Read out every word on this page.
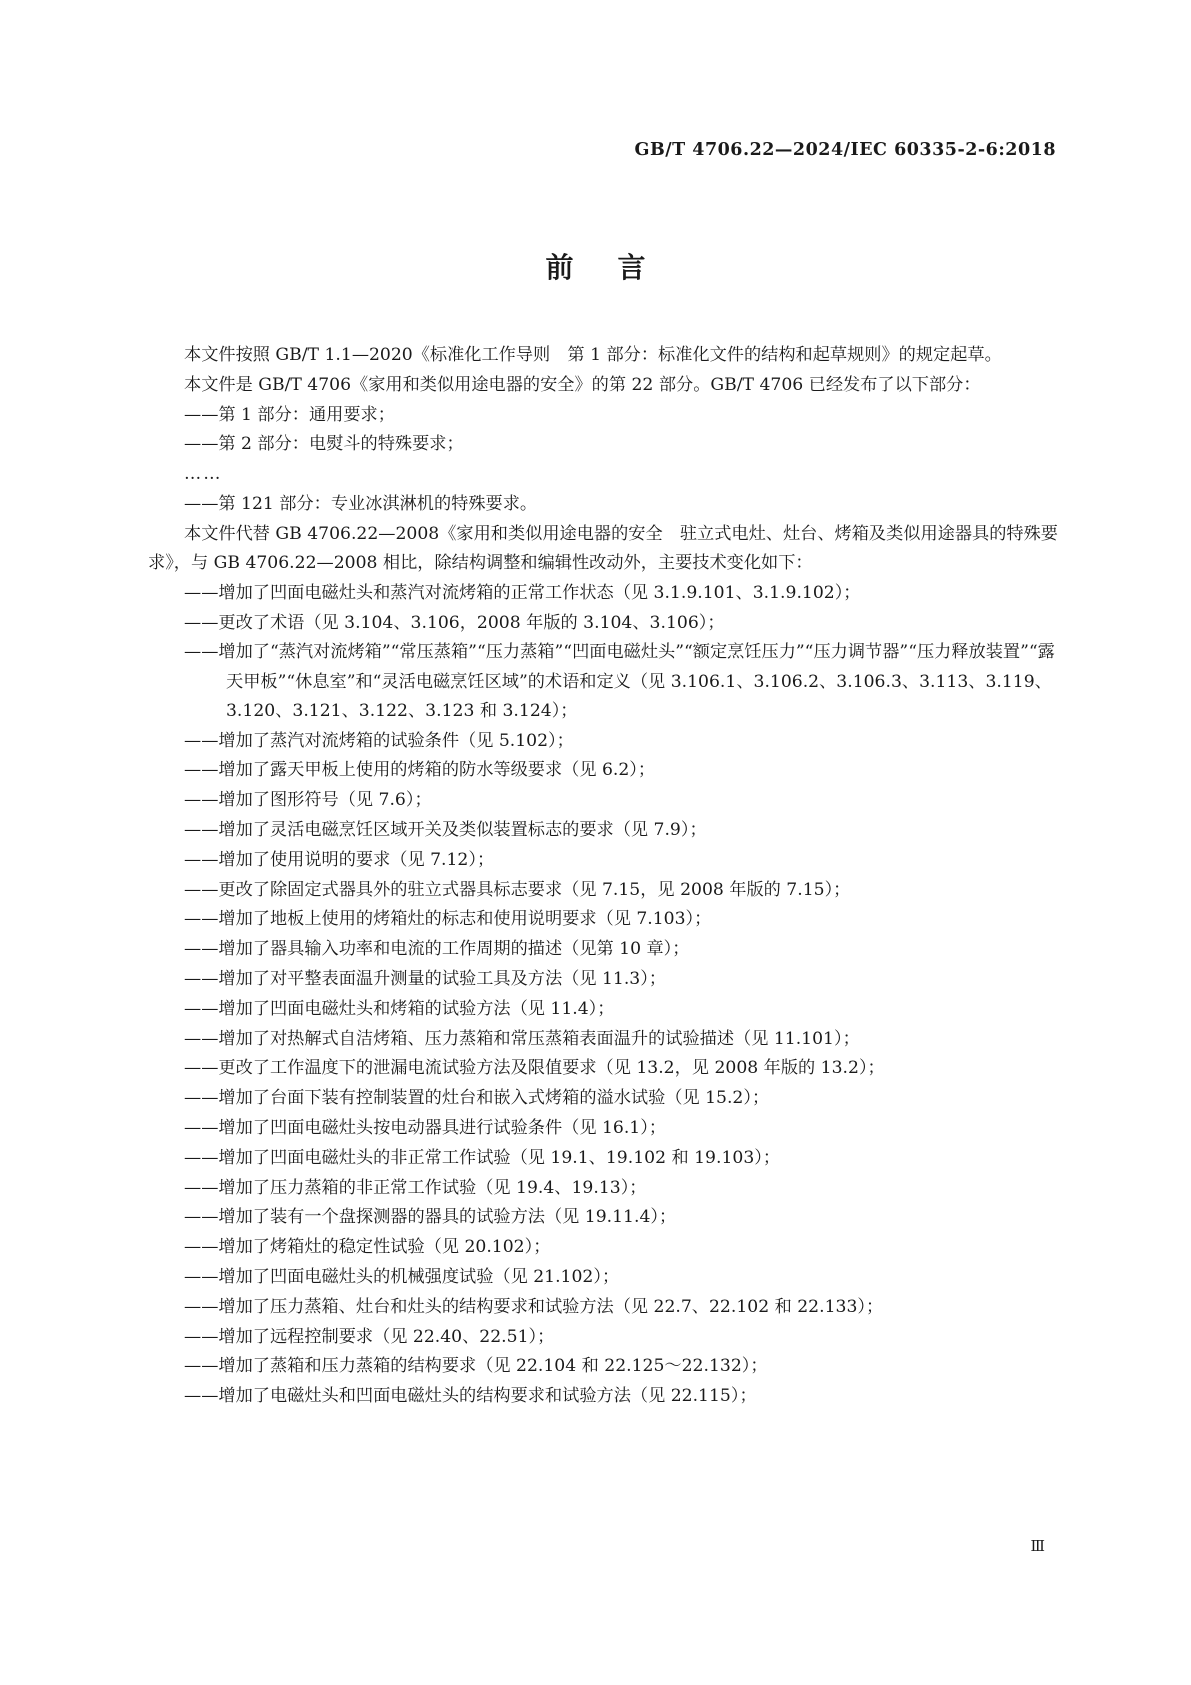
GB/T 4706.22—2024/IEC 60335-2-6:2018
前言

本文件按照 GB/T 1.1—2020《标准化工作导则　第 1 部分：标准化文件的结构和起草规则》的规定起草。

本文件是 GB/T 4706《家用和类似用途电器的安全》的第 22 部分。GB/T 4706 已经发布了以下部分：

——第 1 部分：通用要求；

——第 2 部分：电熨斗的特殊要求；

……

——第 121 部分：专业冰淇淋机的特殊要求。

本文件代替 GB 4706.22—2008《家用和类似用途电器的安全　驻立式电灶、灶台、烤箱及类似用途器具的特殊要求》，与 GB 4706.22—2008 相比，除结构调整和编辑性改动外，主要技术变化如下：

——增加了凹面电磁灶头和蒸汽对流烤箱的正常工作状态（见 3.1.9.101、3.1.9.102）；

——更改了术语（见 3.104、3.106，2008 年版的 3.104、3.106）；

——增加了“蒸汽对流烤箱”“常压蒸箱”“压力蒸箱”“凹面电磁灶头”“额定烹饪压力”“压力调节器”“压力释放装置”“露天甲板”“休息室”和“灵活电磁烹饪区域”的术语和定义（见 3.106.1、3.106.2、3.106.3、3.113、3.119、3.120、3.121、3.122、3.123 和 3.124）；

——增加了蒸汽对流烤箱的试验条件（见 5.102）；

——增加了露天甲板上使用的烤箱的防水等级要求（见 6.2）；

——增加了图形符号（见 7.6）；

——增加了灵活电磁烹饪区域开关及类似装置标志的要求（见 7.9）；

——增加了使用说明的要求（见 7.12）；

——更改了除固定式器具外的驻立式器具标志要求（见 7.15，见 2008 年版的 7.15）；

——增加了地板上使用的烤箱灶的标志和使用说明要求（见 7.103）；

——增加了器具输入功率和电流的工作周期的描述（见第 10 章）；

——增加了对平整表面温升测量的试验工具及方法（见 11.3）；

——增加了凹面电磁灶头和烤箱的试验方法（见 11.4）；

——增加了对热解式自洁烤箱、压力蒸箱和常压蒸箱表面温升的试验描述（见 11.101）；

——更改了工作温度下的泄漏电流试验方法及限值要求（见 13.2，见 2008 年版的 13.2）；

——增加了台面下装有控制装置的灶台和嵌入式烤箱的溢水试验（见 15.2）；

——增加了凹面电磁灶头按电动器具进行试验条件（见 16.1）；

——增加了凹面电磁灶头的非正常工作试验（见 19.1、19.102 和 19.103）；

——增加了压力蒸箱的非正常工作试验（见 19.4、19.13）；

——增加了装有一个盘探测器的器具的试验方法（见 19.11.4）；

——增加了烤箱灶的稳定性试验（见 20.102）；

——增加了凹面电磁灶头的机械强度试验（见 21.102）；

——增加了压力蒸箱、灶台和灶头的结构要求和试验方法（见 22.7、22.102 和 22.133）；

——增加了远程控制要求（见 22.40、22.51）；

——增加了蒸箱和压力蒸箱的结构要求（见 22.104 和 22.125～22.132）；

——增加了电磁灶头和凹面电磁灶头的结构要求和试验方法（见 22.115）；

Ⅲ
